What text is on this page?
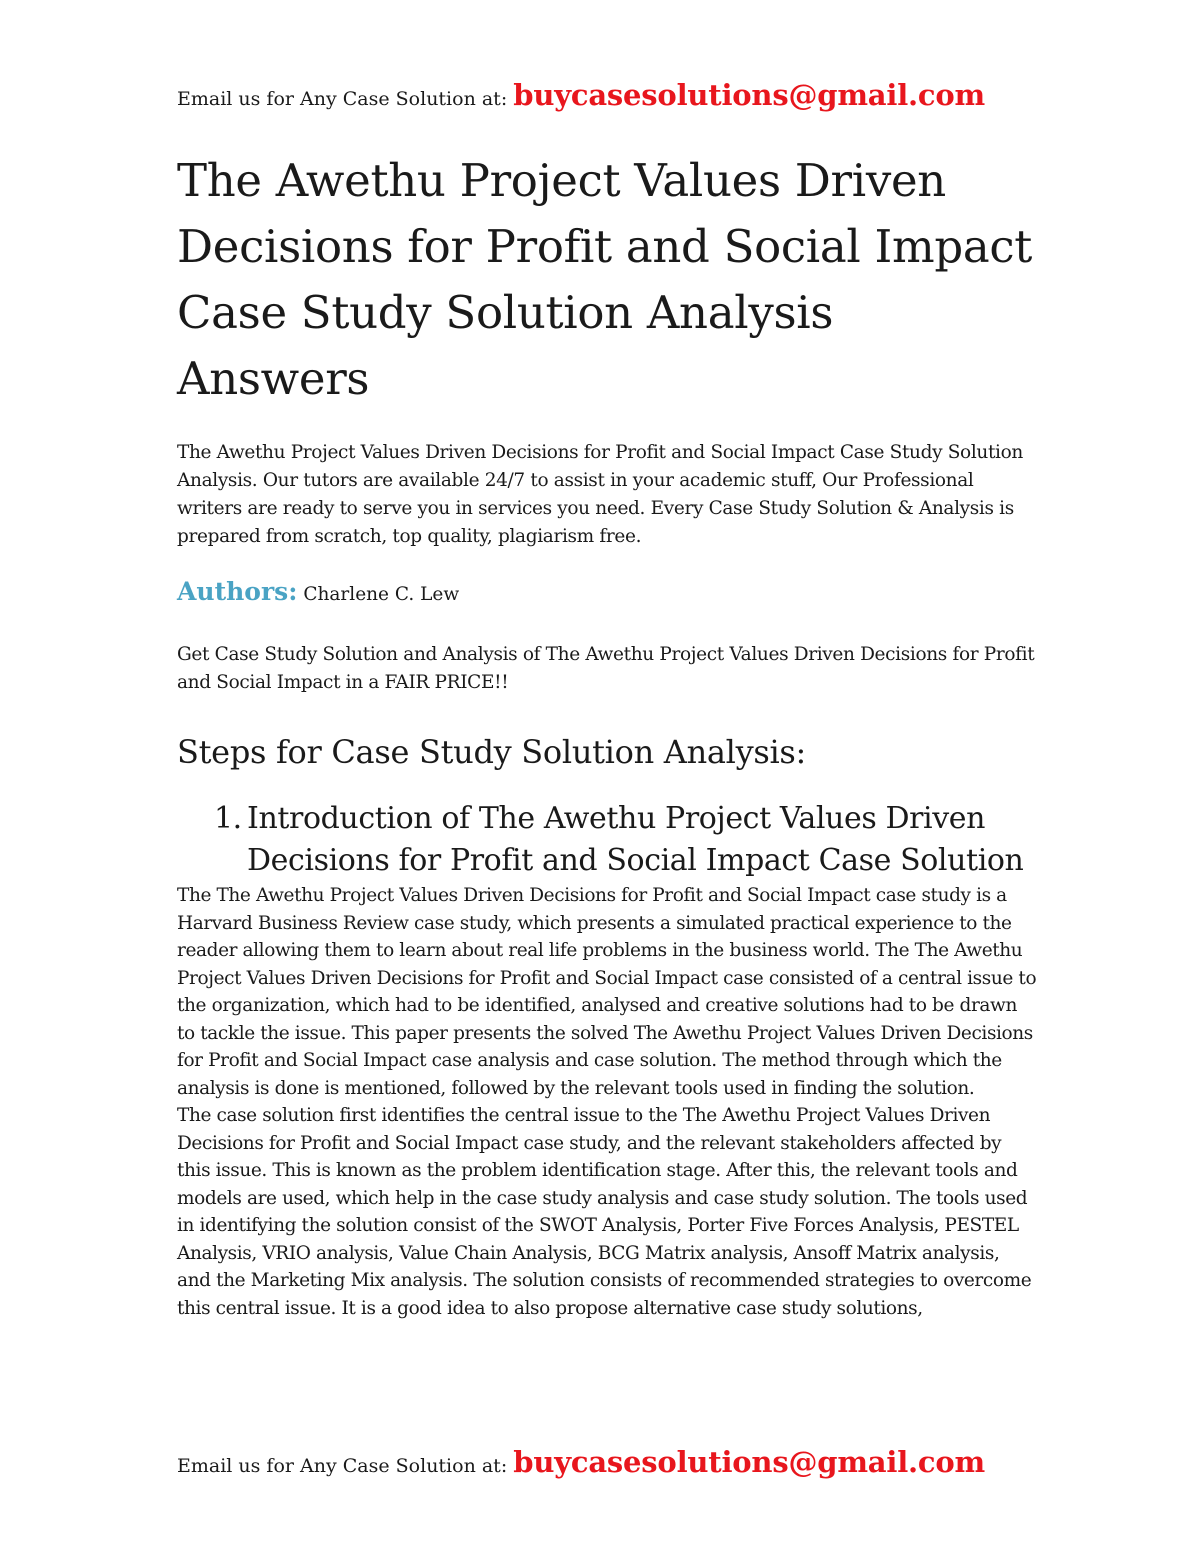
Email us for Any Case Solution at: buycasesolutions@gmail.com
The Awethu Project Values Driven Decisions for Profit and Social Impact Case Study Solution Analysis Answers

The Awethu Project Values Driven Decisions for Profit and Social Impact Case Study Solution Analysis. Our tutors are available 24/7 to assist in your academic stuff, Our Professional writers are ready to serve you in services you need. Every Case Study Solution & Analysis is prepared from scratch, top quality, plagiarism free.

Authors: Charlene C. Lew

Get Case Study Solution and Analysis of The Awethu Project Values Driven Decisions for Profit and Social Impact in a FAIR PRICE!!

Steps for Case Study Solution Analysis:
1. Introduction of The Awethu Project Values Driven Decisions for Profit and Social Impact Case Solution

The The Awethu Project Values Driven Decisions for Profit and Social Impact case study is a Harvard Business Review case study, which presents a simulated practical experience to the reader allowing them to learn about real life problems in the business world. The The Awethu Project Values Driven Decisions for Profit and Social Impact case consisted of a central issue to the organization, which had to be identified, analysed and creative solutions had to be drawn to tackle the issue. This paper presents the solved The Awethu Project Values Driven Decisions for Profit and Social Impact case analysis and case solution. The method through which the analysis is done is mentioned, followed by the relevant tools used in finding the solution.

The case solution first identifies the central issue to the The Awethu Project Values Driven Decisions for Profit and Social Impact case study, and the relevant stakeholders affected by this issue. This is known as the problem identification stage. After this, the relevant tools and models are used, which help in the case study analysis and case study solution. The tools used in identifying the solution consist of the SWOT Analysis, Porter Five Forces Analysis, PESTEL Analysis, VRIO analysis, Value Chain Analysis, BCG Matrix analysis, Ansoff Matrix analysis, and the Marketing Mix analysis. The solution consists of recommended strategies to overcome this central issue. It is a good idea to also propose alternative case study solutions,

Email us for Any Case Solution at: buycasesolutions@gmail.com
